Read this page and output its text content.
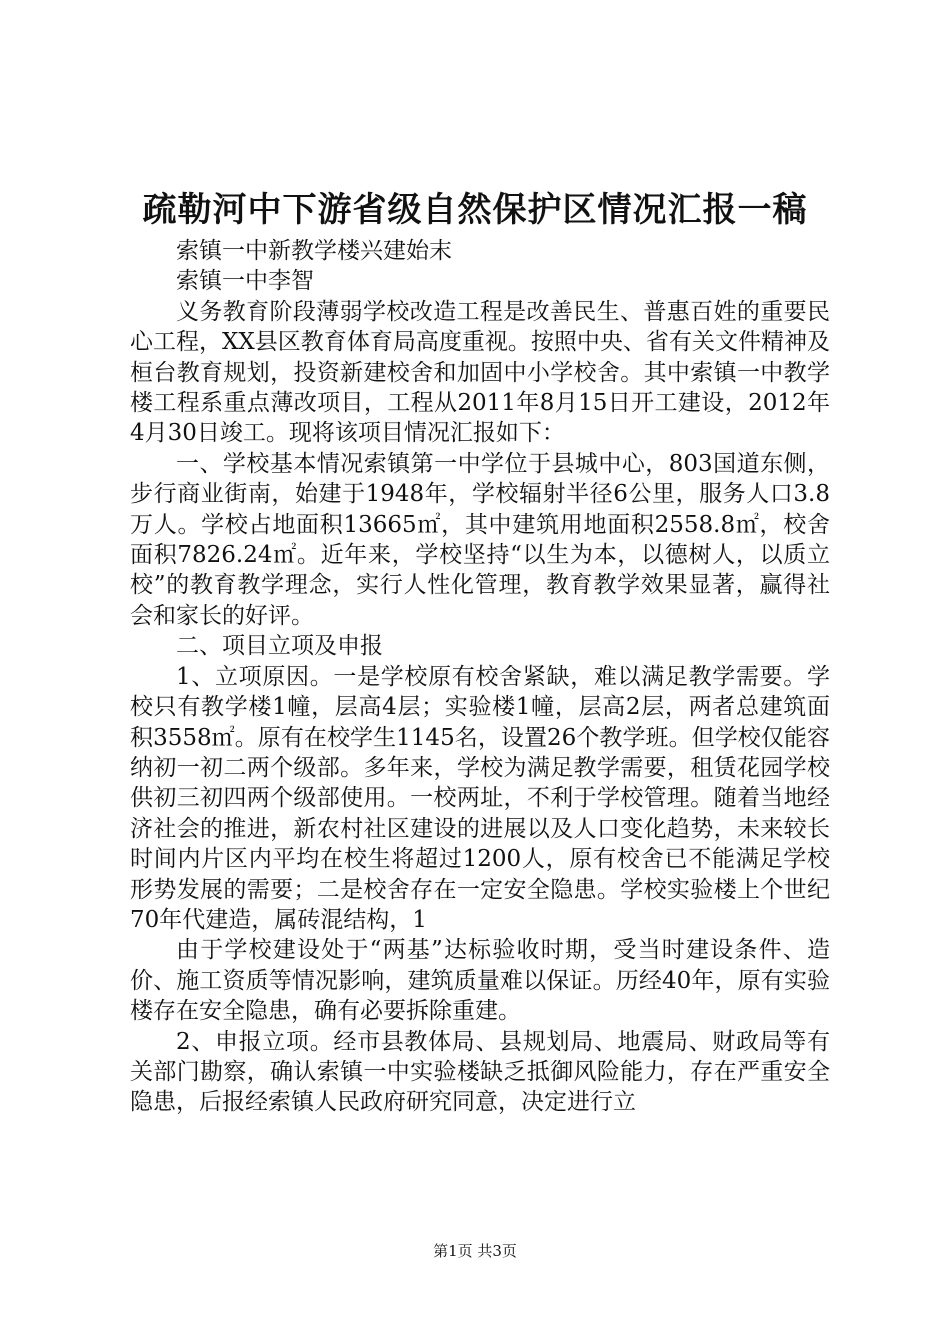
疏勒河中下游省级自然保护区情况汇报一稿

索镇一中新教学楼兴建始末

索镇一中李智

义务教育阶段薄弱学校改造工程是改善民生、普惠百姓的重要民心工程，XX县区教育体育局高度重视。按照中央、省有关文件精神及桓台教育规划，投资新建校舍和加固中小学校舍。其中索镇一中教学楼工程系重点薄改项目，工程从2011年8月15日开工建设，2012年4月30日竣工。现将该项目情况汇报如下：

一、学校基本情况索镇第一中学位于县城中心，803国道东侧，步行商业街南，始建于1948年，学校辐射半径6公里，服务人口3.8万人。学校占地面积13665㎡，其中建筑用地面积2558.8㎡，校舍面积7826.24㎡。近年来，学校坚持“以生为本，以德树人，以质立校”的教育教学理念，实行人性化管理，教育教学效果显著，赢得社会和家长的好评。

二、项目立项及申报

1、立项原因。一是学校原有校舍紧缺，难以满足教学需要。学校只有教学楼1幢，层高4层；实验楼1幢，层高2层，两者总建筑面积3558㎡。原有在校学生1145名，设置26个教学班。但学校仅能容纳初一初二两个级部。多年来，学校为满足教学需要，租赁花园学校供初三初四两个级部使用。一校两址，不利于学校管理。随着当地经济社会的推进，新农村社区建设的进展以及人口变化趋势，未来较长时间内片区内平均在校生将超过1200人，原有校舍已不能满足学校形势发展的需要；二是校舍存在一定安全隐患。学校实验楼上个世纪70年代建造，属砖混结构，1

由于学校建设处于“两基”达标验收时期，受当时建设条件、造价、施工资质等情况影响，建筑质量难以保证。历经40年，原有实验楼存在安全隐患，确有必要拆除重建。

2、申报立项。经市县教体局、县规划局、地震局、财政局等有关部门勘察，确认索镇一中实验楼缺乏抵御风险能力，存在严重安全隐患，后报经索镇人民政府研究同意，决定进行立

第1页 共3页
